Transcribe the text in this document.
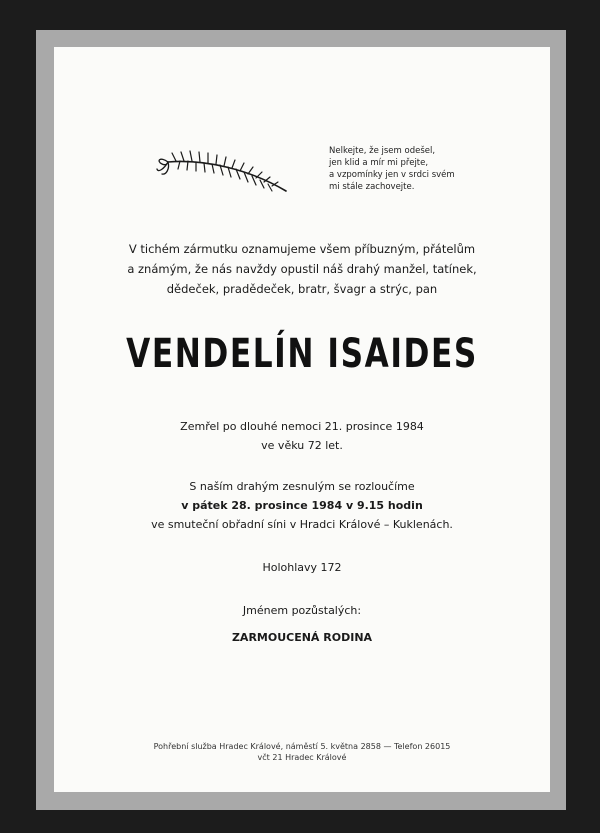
Nelkejte, že jsem odešel,
jen klid a mír mi přejte,
a vzpomínky jen v srdci svém
mi stále zachovejte.
V tichém zármutku oznamujeme všem příbuzným, přátelům
a známým, že nás navždy opustil náš drahý manžel, tatínek,
dědeček, pradědeček, bratr, švagr a strýc, pan
VENDELÍN ISAIDES
Zemřel po dlouhé nemoci 21. prosince 1984
ve věku 72 let.
S naším drahým zesnulým se rozloučíme
v pátek 28. prosince 1984 v 9.15 hodin
ve smuteční obřadní síni v Hradci Králové – Kuklenách.
Holohlavy 172
Jménem pozůstalých:
ZARMOUCENÁ RODINA
Pohřební služba Hradec Králové, náměstí 5. května 2858 — Telefon 26015
včt 21 Hradec Králové
